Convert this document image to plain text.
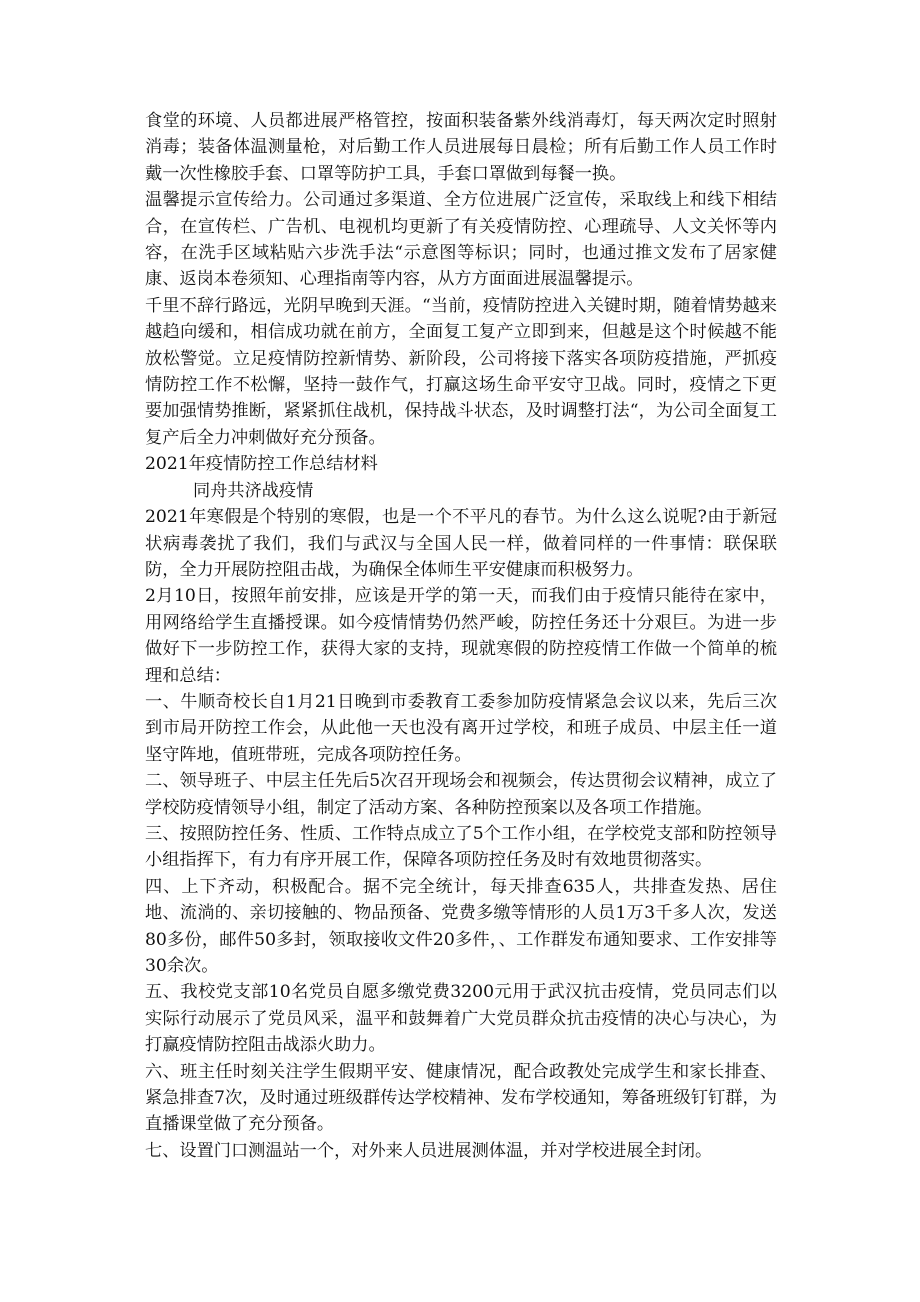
食堂的环境、人员都进展严格管控，按面积装备紫外线消毒灯，每天两次定时照射消毒；装备体温测量枪，对后勤工作人员进展每日晨检；所有后勤工作人员工作时戴一次性橡胶手套、口罩等防护工具，手套口罩做到每餐一换。

温馨提示宣传给力。公司通过多渠道、全方位进展广泛宣传，采取线上和线下相结合，在宣传栏、广告机、电视机均更新了有关疫情防控、心理疏导、人文关怀等内容，在洗手区域粘贴六步洗手法“示意图等标识；同时，也通过推文发布了居家健康、返岗本卷须知、心理指南等内容，从方方面面进展温馨提示。

千里不辞行路远，光阴早晚到天涯。“当前，疫情防控进入关键时期，随着情势越来越趋向缓和，相信成功就在前方，全面复工复产立即到来，但越是这个时候越不能放松警觉。立足疫情防控新情势、新阶段，公司将接下落实各项防疫措施，严抓疫情防控工作不松懈，坚持一鼓作气，打赢这场生命平安守卫战。同时，疫情之下更要加强情势推断，紧紧抓住战机，保持战斗状态，及时调整打法“，为公司全面复工复产后全力冲刺做好充分预备。

2021年疫情防控工作总结材料

同舟共济战疫情

2021年寒假是个特别的寒假，也是一个不平凡的春节。为什么这么说呢?由于新冠状病毒袭扰了我们，我们与武汉与全国人民一样，做着同样的一件事情：联保联防，全力开展防控阻击战，为确保全体师生平安健康而积极努力。

2月10日，按照年前安排，应该是开学的第一天，而我们由于疫情只能待在家中，用网络给学生直播授课。如今疫情情势仍然严峻，防控任务还十分艰巨。为进一步做好下一步防控工作，获得大家的支持，现就寒假的防控疫情工作做一个简单的梳理和总结：

一、牛顺奇校长自1月21日晚到市委教育工委参加防疫情紧急会议以来，先后三次到市局开防控工作会，从此他一天也没有离开过学校，和班子成员、中层主任一道坚守阵地，值班带班，完成各项防控任务。

二、领导班子、中层主任先后5次召开现场会和视频会，传达贯彻会议精神，成立了学校防疫情领导小组，制定了活动方案、各种防控预案以及各项工作措施。

三、按照防控任务、性质、工作特点成立了5个工作小组，在学校党支部和防控领导小组指挥下，有力有序开展工作，保障各项防控任务及时有效地贯彻落实。

四、上下齐动，积极配合。据不完全统计，每天排查635人，共排查发热、居住地、流淌的、亲切接触的、物品预备、党费多缴等情形的人员1万3千多人次，发送80多份，邮件50多封，领取接收文件20多件，、工作群发布通知要求、工作安排等30余次。

五、我校党支部10名党员自愿多缴党费3200元用于武汉抗击疫情，党员同志们以实际行动展示了党员风采，温平和鼓舞着广大党员群众抗击疫情的决心与决心，为打赢疫情防控阻击战添火助力。

六、班主任时刻关注学生假期平安、健康情况，配合政教处完成学生和家长排查、紧急排查7次，及时通过班级群传达学校精神、发布学校通知，筹备班级钉钉群，为直播课堂做了充分预备。

七、设置门口测温站一个，对外来人员进展测体温，并对学校进展全封闭。
